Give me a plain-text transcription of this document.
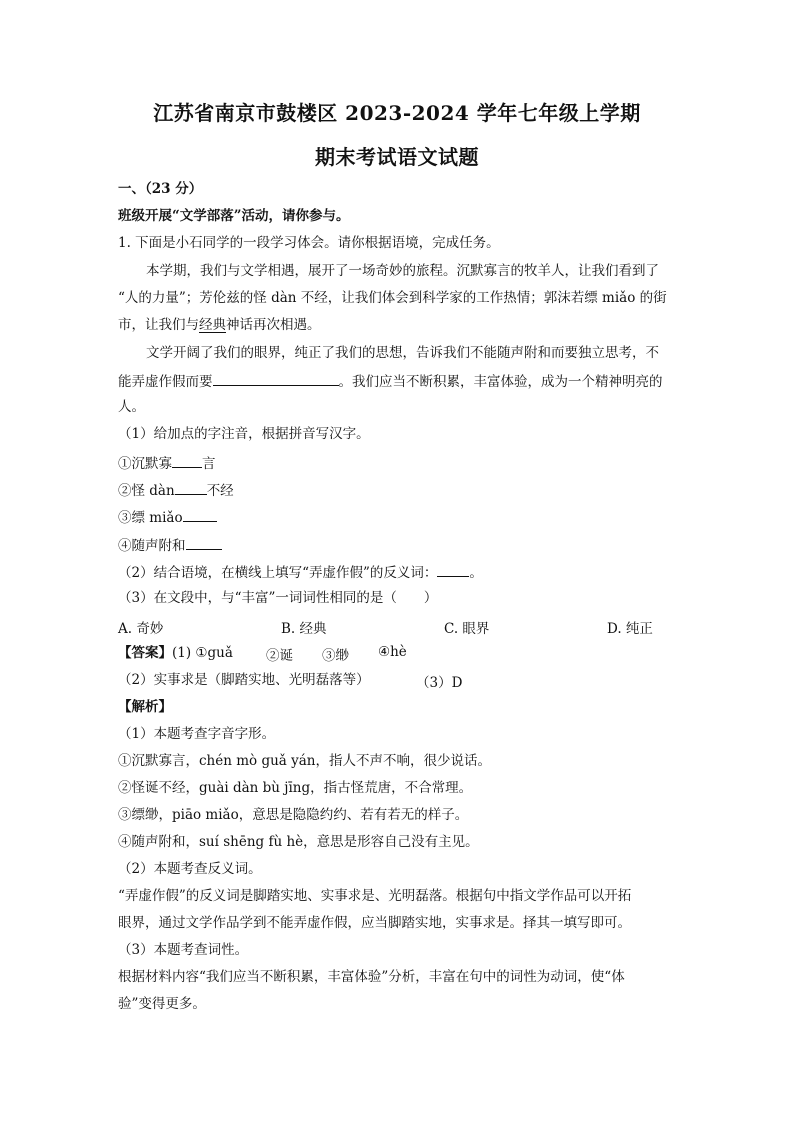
江苏省南京市鼓楼区 2023-2024 学年七年级上学期
期末考试语文试题
一、（23 分）
班级开展“文学部落”活动，请你参与。
1. 下面是小石同学的一段学习体会。请你根据语境，完成任务。
本学期，我们与文学相遇，展开了一场奇妙的旅程。沉默寡言的牧羊人，让我们看到了
“人的力量”；芳伦兹的怪 dàn 不经，让我们体会到科学家的工作热情；郭沫若缥 miǎo 的街
市，让我们与经典神话再次相遇。
文学开阔了我们的眼界，纯正了我们的思想，告诉我们不能随声附和而要独立思考，不
能弄虚作假而要	。我们应当不断积累，丰富体验，成为一个精神明亮的
人。
（1）给加点的字注音，根据拼音写汉字。
①沉默寡 言
②怪 dàn 不经
③缥 miǎo
④随声附和
（2）结合语境，在横线上填写“弄虚作假”的反义词： 。
（3）在文段中，与“丰富”一词词性相同的是（　　）
A. 奇妙	B. 经典	C. 眼界	D. 纯正
【答案】(1) ①guǎ	②诞 ③缈 ④hè
（2）实事求是（脚踏实地、光明磊落等）	（3）D
【解析】
（1）本题考查字音字形。
①沉默寡言，chén mò guǎ yán，指人不声不响，很少说话。
②怪诞不经，guài dàn bù jīng，指古怪荒唐，不合常理。
③缥缈，piāo miǎo，意思是隐隐约约、若有若无的样子。
④随声附和，suí shēng fù hè，意思是形容自己没有主见。
（2）本题考查反义词。
“弄虚作假”的反义词是脚踏实地、实事求是、光明磊落。根据句中指文学作品可以开拓
眼界，通过文学作品学到不能弄虚作假，应当脚踏实地，实事求是。择其一填写即可。
（3）本题考查词性。
根据材料内容“我们应当不断积累，丰富体验”分析，丰富在句中的词性为动词，使“体
验”变得更多。
